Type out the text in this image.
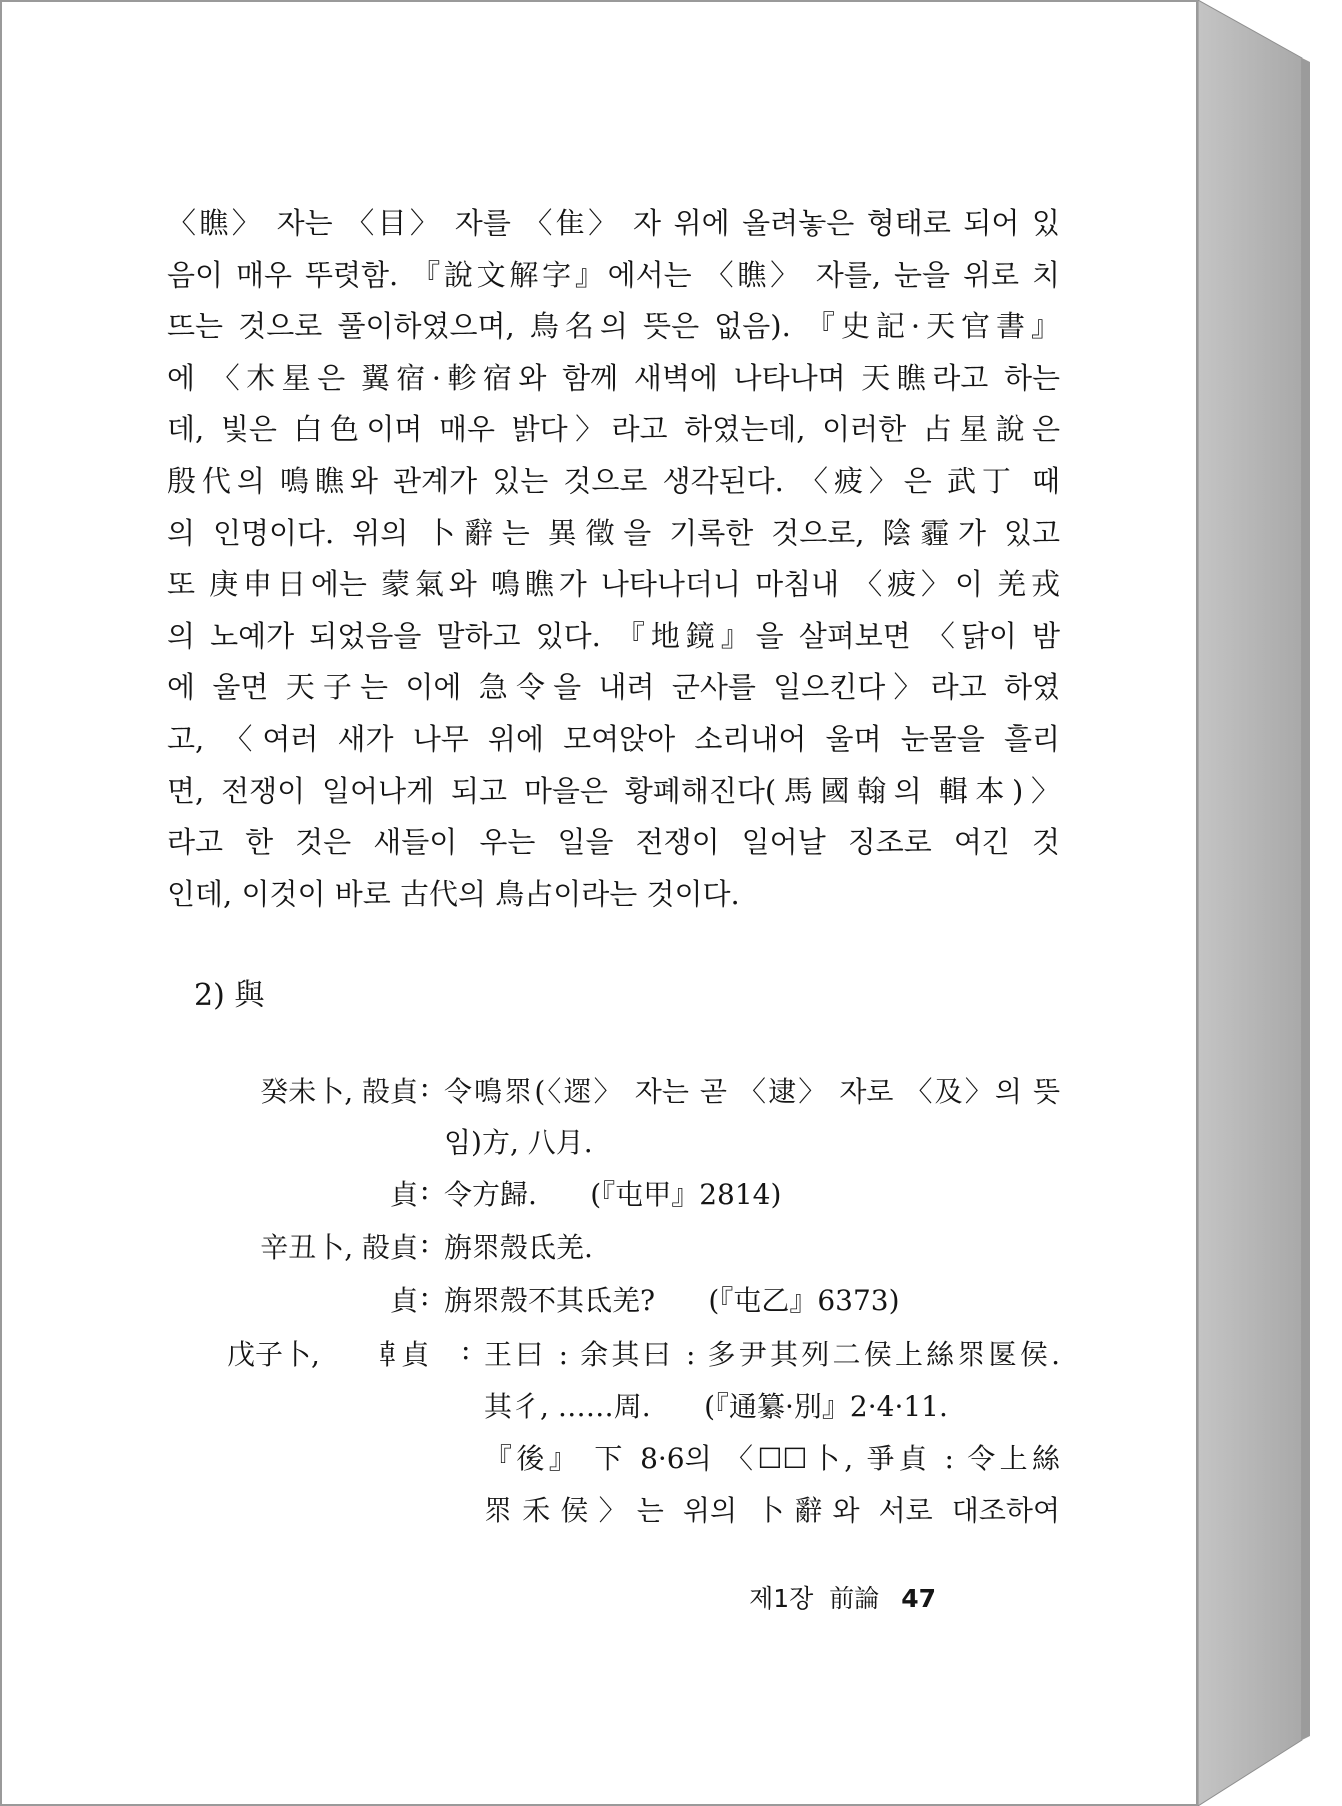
〈瞧〉 자는 〈目〉 자를 〈隹〉 자 위에 올려놓은 형태로 되어 있
음이 매우 뚜렷함. 『說文解字』에서는 〈瞧〉 자를, 눈을 위로 치
뜨는 것으로 풀이하였으며, 鳥名의 뜻은 없음). 『史記·天官書』
에 〈木星은 翼宿·軫宿와 함께 새벽에 나타나며 天瞧라고 하는
데, 빛은 白色이며 매우 밝다〉라고 하였는데, 이러한 占星說은
殷代의 鳴瞧와 관계가 있는 것으로 생각된다. 〈疲〉은 武丁 때
의 인명이다. 위의 卜辭는 異徵을 기록한 것으로, 陰霾가 있고
또 庚申日에는 蒙氣와 鳴瞧가 나타나더니 마침내 〈疲〉이 羌戎
의 노예가 되었음을 말하고 있다. 『地鏡』을 살펴보면 〈닭이 밤
에 울면 天子는 이에 急令을 내려 군사를 일으킨다〉라고 하였
고, 〈여러 새가 나무 위에 모여앉아 소리내어 울며 눈물을 흘리
면, 전쟁이 일어나게 되고 마을은 황폐해진다(馬國翰의 輯本)〉
라고 한 것은 새들이 우는 일을 전쟁이 일어날 징조로 여긴 것
인데, 이것이 바로 古代의 鳥占이라는 것이다.
2) 與
癸未卜, 㱿貞 : 令鳴眔(〈遝〉 자는 곧 〈逮〉 자로 〈及〉의 뜻
임)方, 八月.
貞 : 令方歸.      (『屯甲』2814)
辛丑卜, 㱿貞 : 旃眔殼氐羌.
貞 : 旃眔殼不其氐羌?      (『屯乙』6373)
戊子卜,      𠦝貞 : 王曰 : 余其曰 : 多尹其列二侯上絲眔匽侯.
其彳, ……周.      (『通纂·別』2·4·11.
『後』 下 8·6의 〈☐☐卜, 爭貞 : 令上絲
眔禾侯〉는 위의 卜辭와 서로 대조하여
제1장  前論 47
